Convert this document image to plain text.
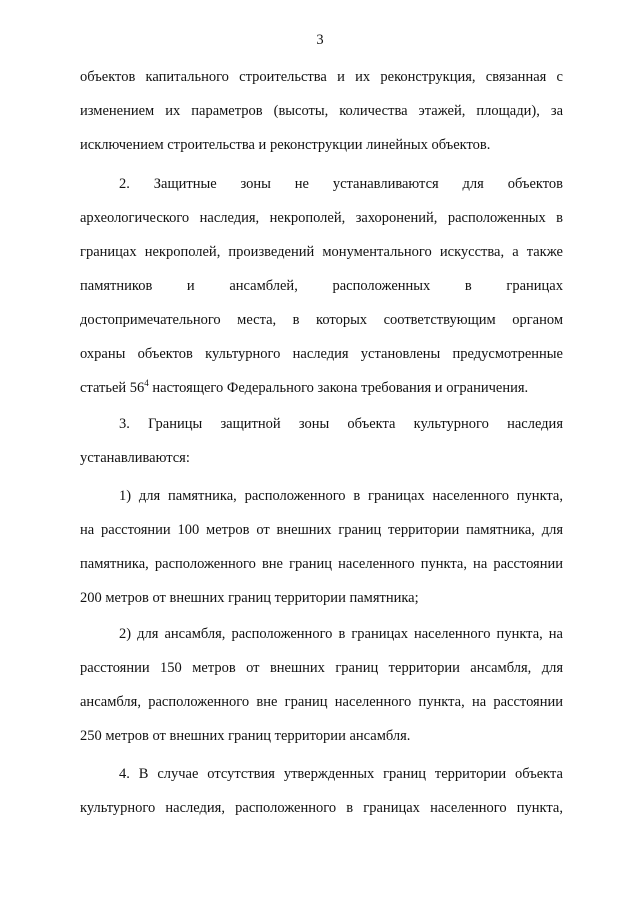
3
объектов капитального строительства и их реконструкция, связанная с
изменением их параметров (высоты, количества этажей, площади), за
исключением строительства и реконструкции линейных объектов.
2. Защитные зоны не устанавливаются для объектов
археологического наследия, некрополей, захоронений, расположенных в
границах некрополей, произведений монументального искусства, а также
памятников и ансамблей, расположенных в границах
достопримечательного места, в которых соответствующим органом
охраны объектов культурного наследия установлены предусмотренные
статьей $56^4$ настоящего Федерального закона требования и ограничения.
3. Границы защитной зоны объекта культурного наследия
устанавливаются:
1) для памятника, расположенного в границах населенного пункта,
на расстоянии 100 метров от внешних границ территории памятника, для
памятника, расположенного вне границ населенного пункта, на расстоянии
200 метров от внешних границ территории памятника;
2) для ансамбля, расположенного в границах населенного пункта, на
расстоянии 150 метров от внешних границ территории ансамбля, для
ансамбля, расположенного вне границ населенного пункта, на расстоянии
250 метров от внешних границ территории ансамбля.
4. В случае отсутствия утвержденных границ территории объекта
культурного наследия, расположенного в границах населенного пункта,
